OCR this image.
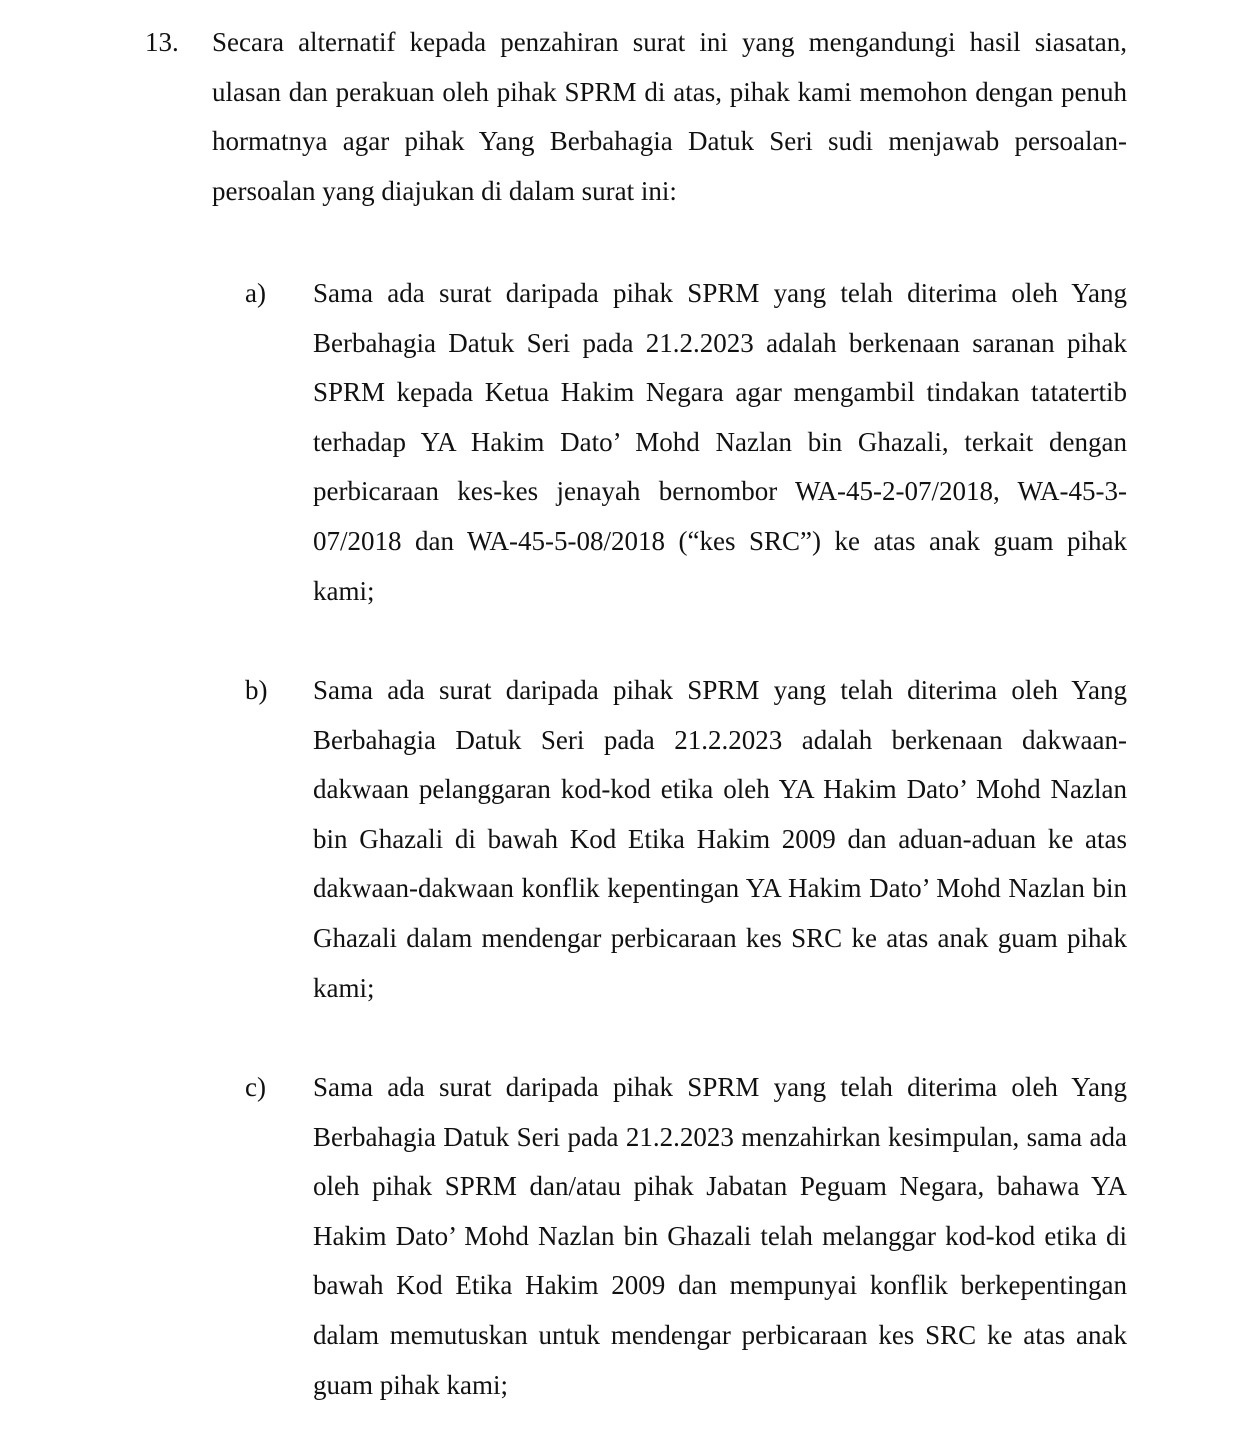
13. Secara alternatif kepada penzahiran surat ini yang mengandungi hasil siasatan, ulasan dan perakuan oleh pihak SPRM di atas, pihak kami memohon dengan penuh hormatnya agar pihak Yang Berbahagia Datuk Seri sudi menjawab persoalan-persoalan yang diajukan di dalam surat ini:

a) Sama ada surat daripada pihak SPRM yang telah diterima oleh Yang Berbahagia Datuk Seri pada 21.2.2023 adalah berkenaan saranan pihak SPRM kepada Ketua Hakim Negara agar mengambil tindakan tatatertib terhadap YA Hakim Dato’ Mohd Nazlan bin Ghazali, terkait dengan perbicaraan kes-kes jenayah bernombor WA-45-2-07/2018, WA-45-3-07/2018 dan WA-45-5-08/2018 (“kes SRC”) ke atas anak guam pihak kami;

b) Sama ada surat daripada pihak SPRM yang telah diterima oleh Yang Berbahagia Datuk Seri pada 21.2.2023 adalah berkenaan dakwaan-dakwaan pelanggaran kod-kod etika oleh YA Hakim Dato’ Mohd Nazlan bin Ghazali di bawah Kod Etika Hakim 2009 dan aduan-aduan ke atas dakwaan-dakwaan konflik kepentingan YA Hakim Dato’ Mohd Nazlan bin Ghazali dalam mendengar perbicaraan kes SRC ke atas anak guam pihak kami;

c) Sama ada surat daripada pihak SPRM yang telah diterima oleh Yang Berbahagia Datuk Seri pada 21.2.2023 menzahirkan kesimpulan, sama ada oleh pihak SPRM dan/atau pihak Jabatan Peguam Negara, bahawa YA Hakim Dato’ Mohd Nazlan bin Ghazali telah melanggar kod-kod etika di bawah Kod Etika Hakim 2009 dan mempunyai konflik berkepentingan dalam memutuskan untuk mendengar perbicaraan kes SRC ke atas anak guam pihak kami;
